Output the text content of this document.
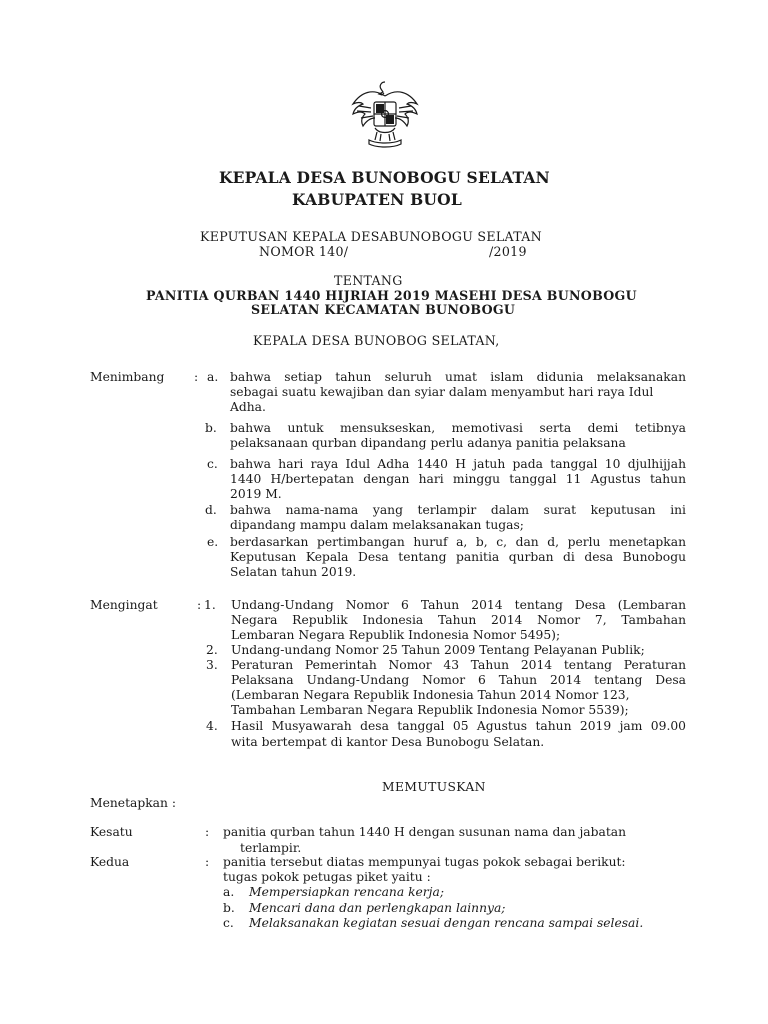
KEPALA DESA BUNOBOGU SELATAN
KABUPATEN BUOL
KEPUTUSAN KEPALA DESABUNOBOGU SELATAN
NOMOR 140/	/2019
TENTANG
PANITIA QURBAN 1440 HIJRIAH 2019 MASEHI DESA BUNOBOGU
SELATAN KECAMATAN BUNOBOGU
KEPALA DESA BUNOBOG SELATAN,
Menimbang : a. bahwa setiap tahun seluruh umat islam didunia melaksanakan
sebagai suatu kewajiban dan syiar dalam menyambut hari raya Idul
Adha.
b. bahwa untuk mensukseskan, memotivasi serta demi tetibnya
pelaksanaan qurban dipandang perlu adanya panitia pelaksana
c. bahwa hari raya Idul Adha 1440 H jatuh pada tanggal 10 djulhijjah
1440 H/bertepatan dengan hari minggu tanggal 11 Agustus tahun
2019 M.
d. bahwa nama-nama yang terlampir dalam surat keputusan ini
dipandang mampu dalam melaksanakan tugas;
e. berdasarkan pertimbangan huruf a, b, c, dan d, perlu menetapkan
Keputusan Kepala Desa tentang panitia qurban di desa Bunobogu
Selatan tahun 2019.
Mengingat	: 1. Undang-Undang Nomor 6 Tahun 2014 tentang Desa (Lembaran
Negara Republik Indonesia Tahun 2014 Nomor 7, Tambahan
Lembaran Negara Republik Indonesia Nomor 5495);
2. Undang-undang Nomor 25 Tahun 2009 Tentang Pelayanan Publik;
3. Peraturan Pemerintah Nomor 43 Tahun 2014 tentang Peraturan
Pelaksana Undang-Undang Nomor 6 Tahun 2014 tentang Desa
(Lembaran Negara Republik Indonesia Tahun 2014 Nomor 123,
Tambahan Lembaran Negara Republik Indonesia Nomor 5539);
4. Hasil Musyawarah desa tanggal 05 Agustus tahun 2019 jam 09.00
wita bertempat di kantor Desa Bunobogu Selatan.
MEMUTUSKAN
Menetapkan :
Kesatu	: panitia qurban tahun 1440 H dengan susunan nama dan jabatan
terlampir.
Kedua	: panitia tersebut diatas mempunyai tugas pokok sebagai berikut:
tugas pokok petugas piket yaitu :
a. Mempersiapkan rencana kerja;
b. Mencari dana dan perlengkapan lainnya;
c. Melaksanakan kegiatan sesuai dengan rencana sampai selesai.
